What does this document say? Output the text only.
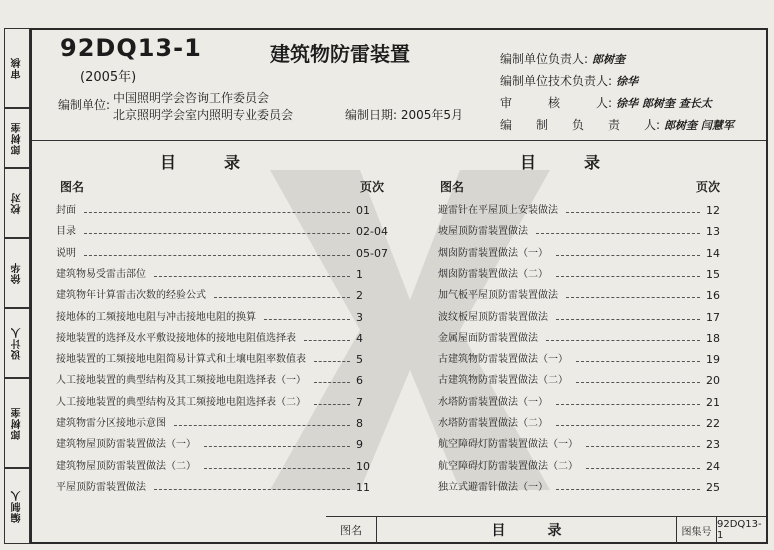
审核
郎树奎
校对
徐华
设计人
郎树奎
编制人
92DQ13-1	建筑物防雷装置
(2005年)
编制单位: 中国照明学会咨询工作委员会
北京照明学会室内照明专业委员会	编制日期: 2005年5月
编制单位负责人: 郎树奎
编制单位技术负责人: 徐华
审　　　核　　　人: 徐华 郎树奎 查长太
编　　制　　负　　责　　人: 郎树奎 闫慧军
目　　　录	目　　　录
图名	页次	图名	页次
封面	01
目录	02-04
说明	05-07
建筑物易受雷击部位	1
建筑物年计算雷击次数的经验公式	2
接地体的工频接地电阻与冲击接地电阻的换算	3
接地装置的选择及水平敷设接地体的接地电阻值选择表	4
接地装置的工频接地电阻简易计算式和土壤电阻率数值表	5
人工接地装置的典型结构及其工频接地电阻选择表（一）	6
人工接地装置的典型结构及其工频接地电阻选择表（二）	7
建筑物雷分区接地示意图	8
建筑物屋顶防雷装置做法（一）	9
建筑物屋顶防雷装置做法（二）	10
平屋顶防雷装置做法	11
避雷针在平屋顶上安装做法	12
坡屋顶防雷装置做法	13
烟囱防雷装置做法（一）	14
烟囱防雷装置做法（二）	15
加气板平屋顶防雷装置做法	16
波纹板屋顶防雷装置做法	17
金属屋面防雷装置做法	18
古建筑物防雷装置做法（一）	19
古建筑物防雷装置做法（二）	20
水塔防雷装置做法（一）	21
水塔防雷装置做法（二）	22
航空障碍灯防雷装置做法（一）	23
航空障碍灯防雷装置做法（二）	24
独立式避雷针做法（一）	25
图名	目　　　录	图集号
92DQ13-1
